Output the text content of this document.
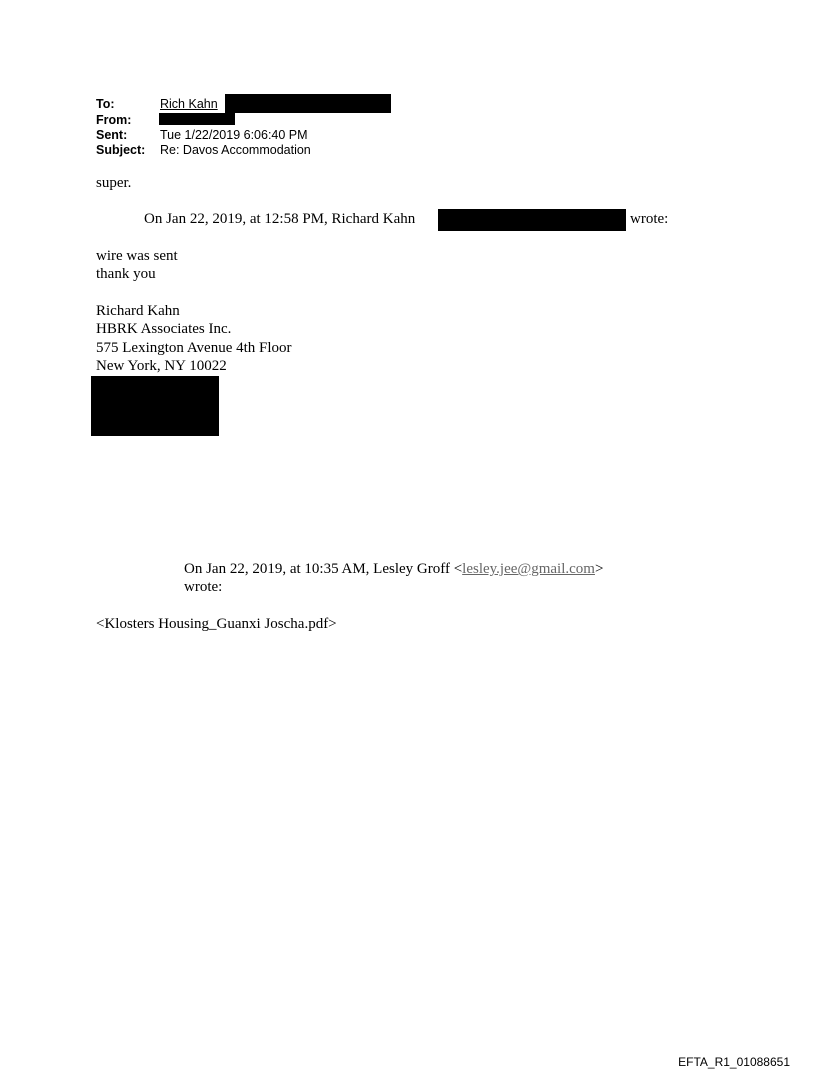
To:	Rich Kahn
From:
Sent:	Tue 1/22/2019 6:06:40 PM
Subject: Re: Davos Accommodation
super.
On Jan 22, 2019, at 12:58 PM, Richard Kahn	wrote:
wire was sent
thank you
Richard Kahn
HBRK Associates Inc.
575 Lexington Avenue 4th Floor
New York, NY 10022
On Jan 22, 2019, at 10:35 AM, Lesley Groff <lesley.jee@gmail.com>
wrote:
<Klosters Housing_Guanxi Joscha.pdf>
EFTA_R1_01088651
